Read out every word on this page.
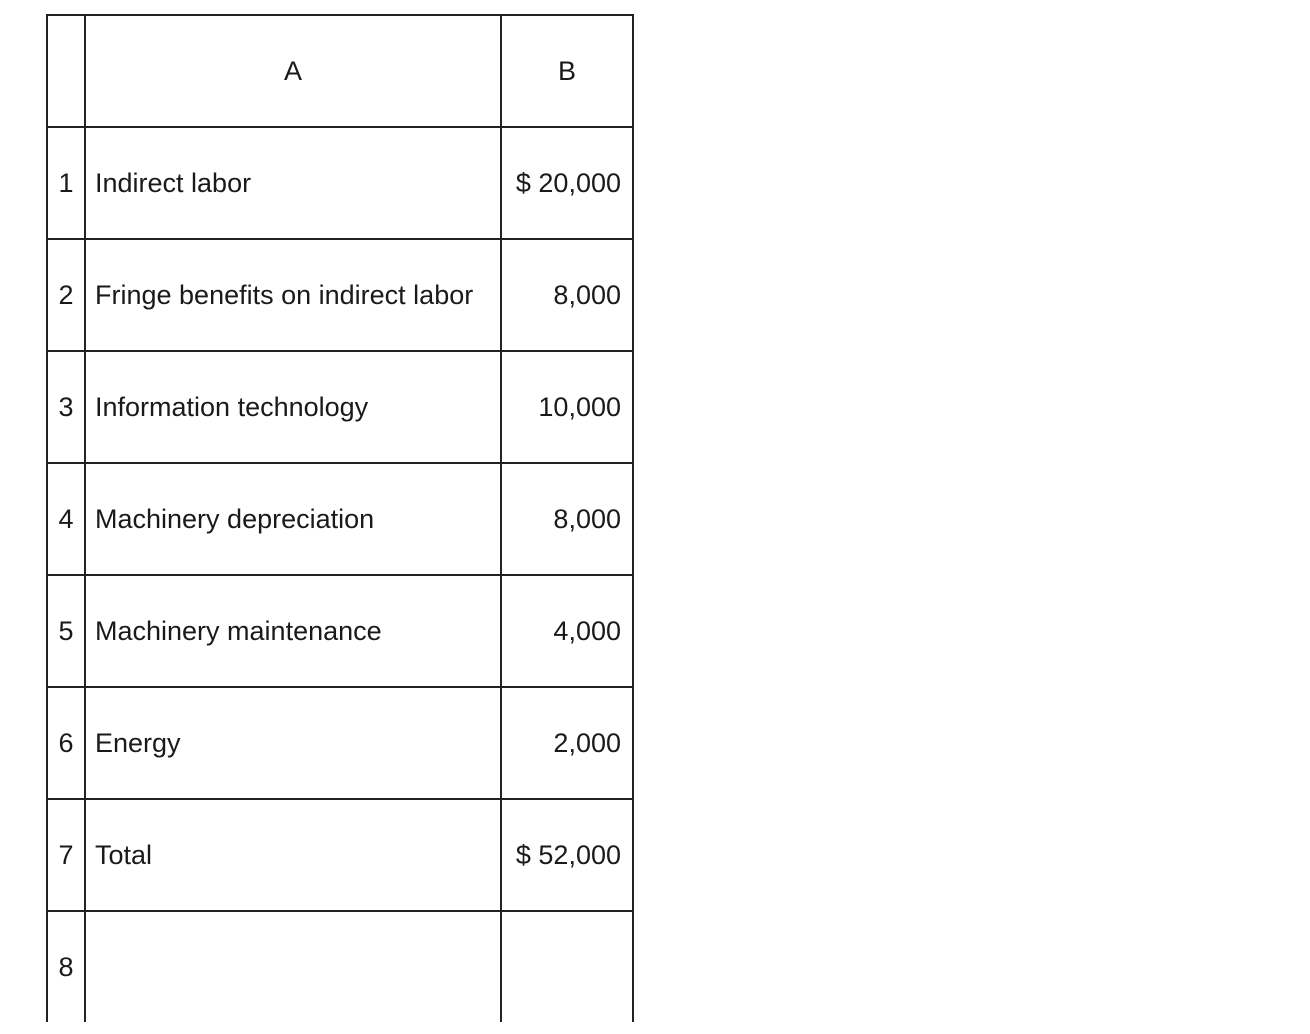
	A	B
1	Indirect labor	$ 20,000
2	Fringe benefits on indirect labor	8,000
3	Information technology	10,000
4	Machinery depreciation	8,000
5	Machinery maintenance	4,000
6	Energy	2,000
7	Total	$ 52,000
8		
